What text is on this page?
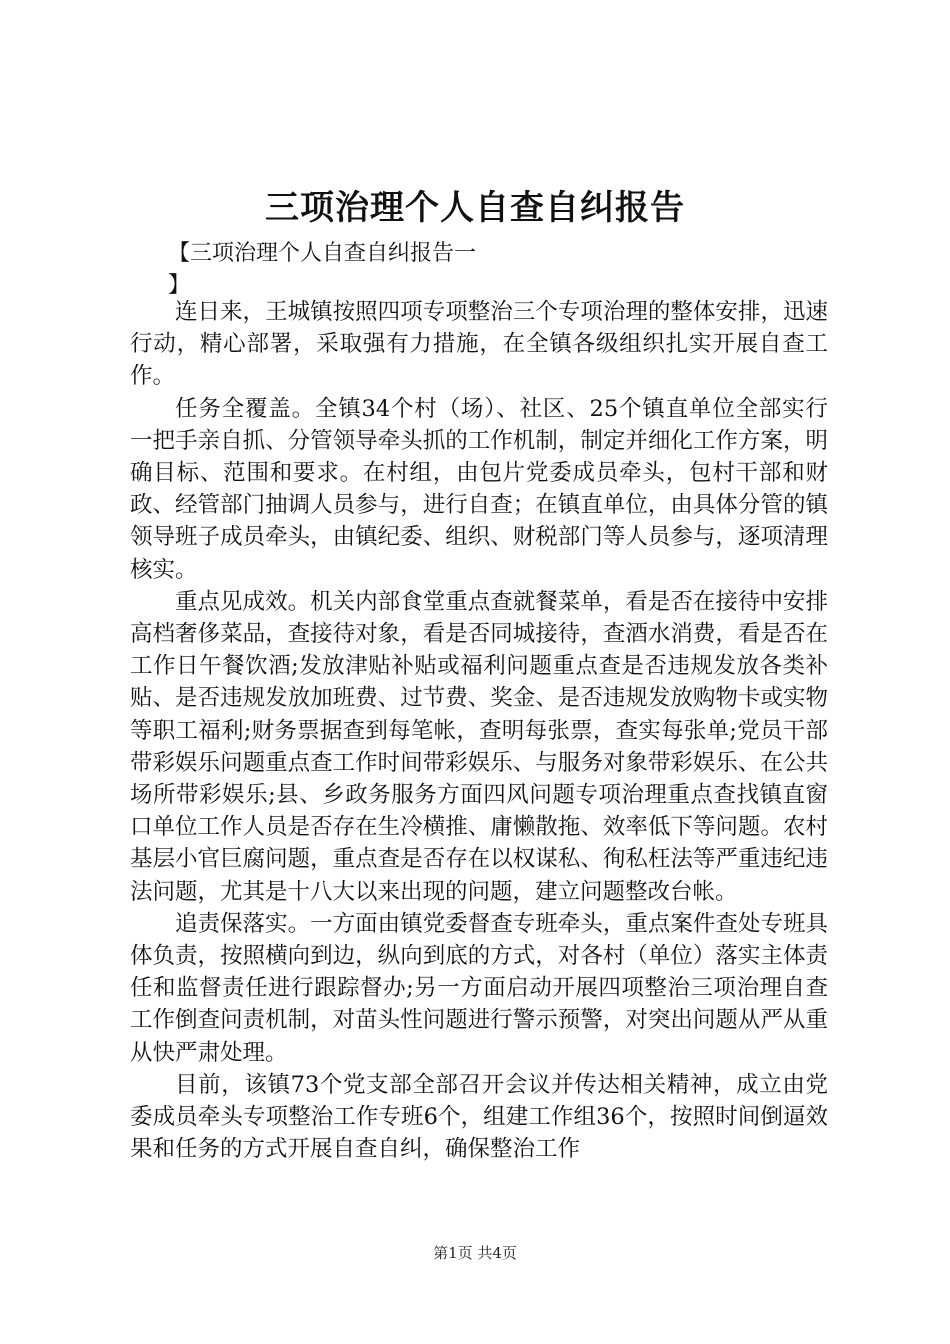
三项治理个人自查自纠报告
【三项治理个人自查自纠报告一
】

连日来，王城镇按照四项专项整治三个专项治理的整体安排，迅速行动，精心部署，采取强有力措施，在全镇各级组织扎实开展自查工作。

任务全覆盖。全镇34个村（场）、社区、25个镇直单位全部实行一把手亲自抓、分管领导牵头抓的工作机制，制定并细化工作方案，明确目标、范围和要求。在村组，由包片党委成员牵头，包村干部和财政、经管部门抽调人员参与，进行自查；在镇直单位，由具体分管的镇领导班子成员牵头，由镇纪委、组织、财税部门等人员参与，逐项清理核实。

重点见成效。机关内部食堂重点查就餐菜单，看是否在接待中安排高档奢侈菜品，查接待对象，看是否同城接待，查酒水消费，看是否在工作日午餐饮酒;发放津贴补贴或福利问题重点查是否违规发放各类补贴、是否违规发放加班费、过节费、奖金、是否违规发放购物卡或实物等职工福利;财务票据查到每笔帐，查明每张票，查实每张单;党员干部带彩娱乐问题重点查工作时间带彩娱乐、与服务对象带彩娱乐、在公共场所带彩娱乐;县、乡政务服务方面四风问题专项治理重点查找镇直窗口单位工作人员是否存在生冷横推、庸懒散拖、效率低下等问题。农村基层小官巨腐问题，重点查是否存在以权谋私、徇私枉法等严重违纪违法问题，尤其是十八大以来出现的问题，建立问题整改台帐。

追责保落实。一方面由镇党委督查专班牵头，重点案件查处专班具体负责，按照横向到边，纵向到底的方式，对各村（单位）落实主体责任和监督责任进行跟踪督办;另一方面启动开展四项整治三项治理自查工作倒查问责机制，对苗头性问题进行警示预警，对突出问题从严从重从快严肃处理。

目前，该镇73个党支部全部召开会议并传达相关精神，成立由党委成员牵头专项整治工作专班6个，组建工作组36个，按照时间倒逼效果和任务的方式开展自查自纠，确保整治工作

第1页 共4页
